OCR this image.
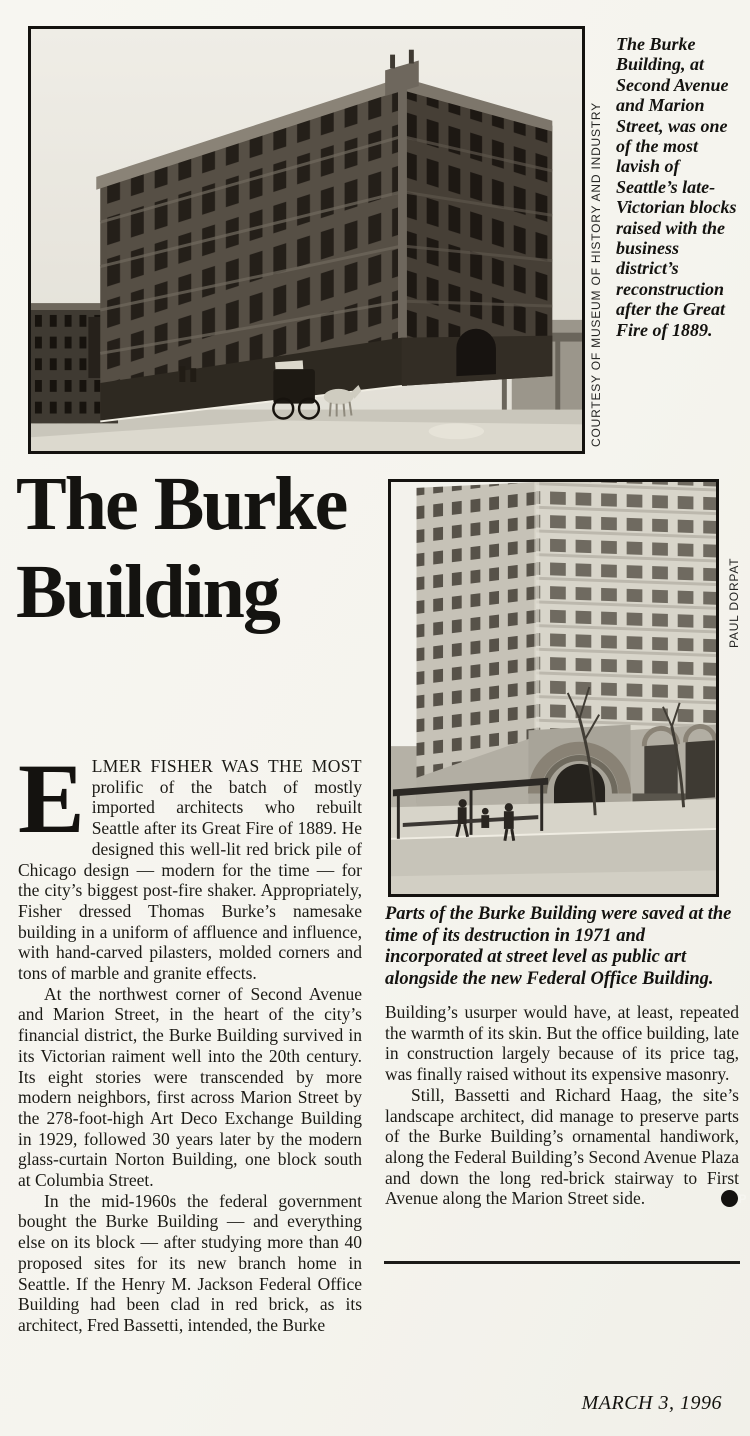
COURTESY OF MUSEUM OF HISTORY AND INDUSTRY
The Burke Building, at Second Avenue and Marion Street, was one of the most lavish of Seattle’s late-Victorian blocks raised with the business district’s reconstruction after the Great Fire of 1889.
The Burke Building	PAUL DORPAT
Parts of the Burke Building were saved at the time of its destruction in 1971 and incorporated at street level as public art alongside the new Federal Office Building.

E LMER FISHER WAS THE MOST prolific of the batch of mostly imported architects who rebuilt Seattle after its Great Fire of 1889. He designed this well-lit red brick pile of Chicago design — modern for the time — for the city’s biggest post-fire shaker. Appropriately, Fisher dressed Thomas Burke’s namesake building in a uniform of affluence and influence, with hand-carved pilasters, molded corners and tons of marble and granite effects.

At the northwest corner of Second Avenue and Marion Street, in the heart of the city’s financial district, the Burke Building survived in its Victorian raiment well into the 20th century. Its eight stories were transcended by more modern neighbors, first across Marion Street by the 278-foot-high Art Deco Exchange Building in 1929, followed 30 years later by the modern glass-curtain Norton Building, one block south at Columbia Street.

In the mid-1960s the federal government bought the Burke Building — and everything else on its block — after studying more than 40 proposed sites for its new branch home in Seattle. If the Henry M. Jackson Federal Office Building had been clad in red brick, as its architect, Fred Bassetti, intended, the Burke

Building’s usurper would have, at least, repeated the warmth of its skin. But the office building, late in construction largely because of its price tag, was finally raised without its expensive masonry.

Still, Bassetti and Richard Haag, the site’s landscape architect, did manage to preserve parts of the Burke Building’s ornamental handiwork, along the Federal Building’s Second Avenue Plaza and down the long red-brick stairway to First Avenue along the Marion Street side.	P

MARCH 3, 1996
